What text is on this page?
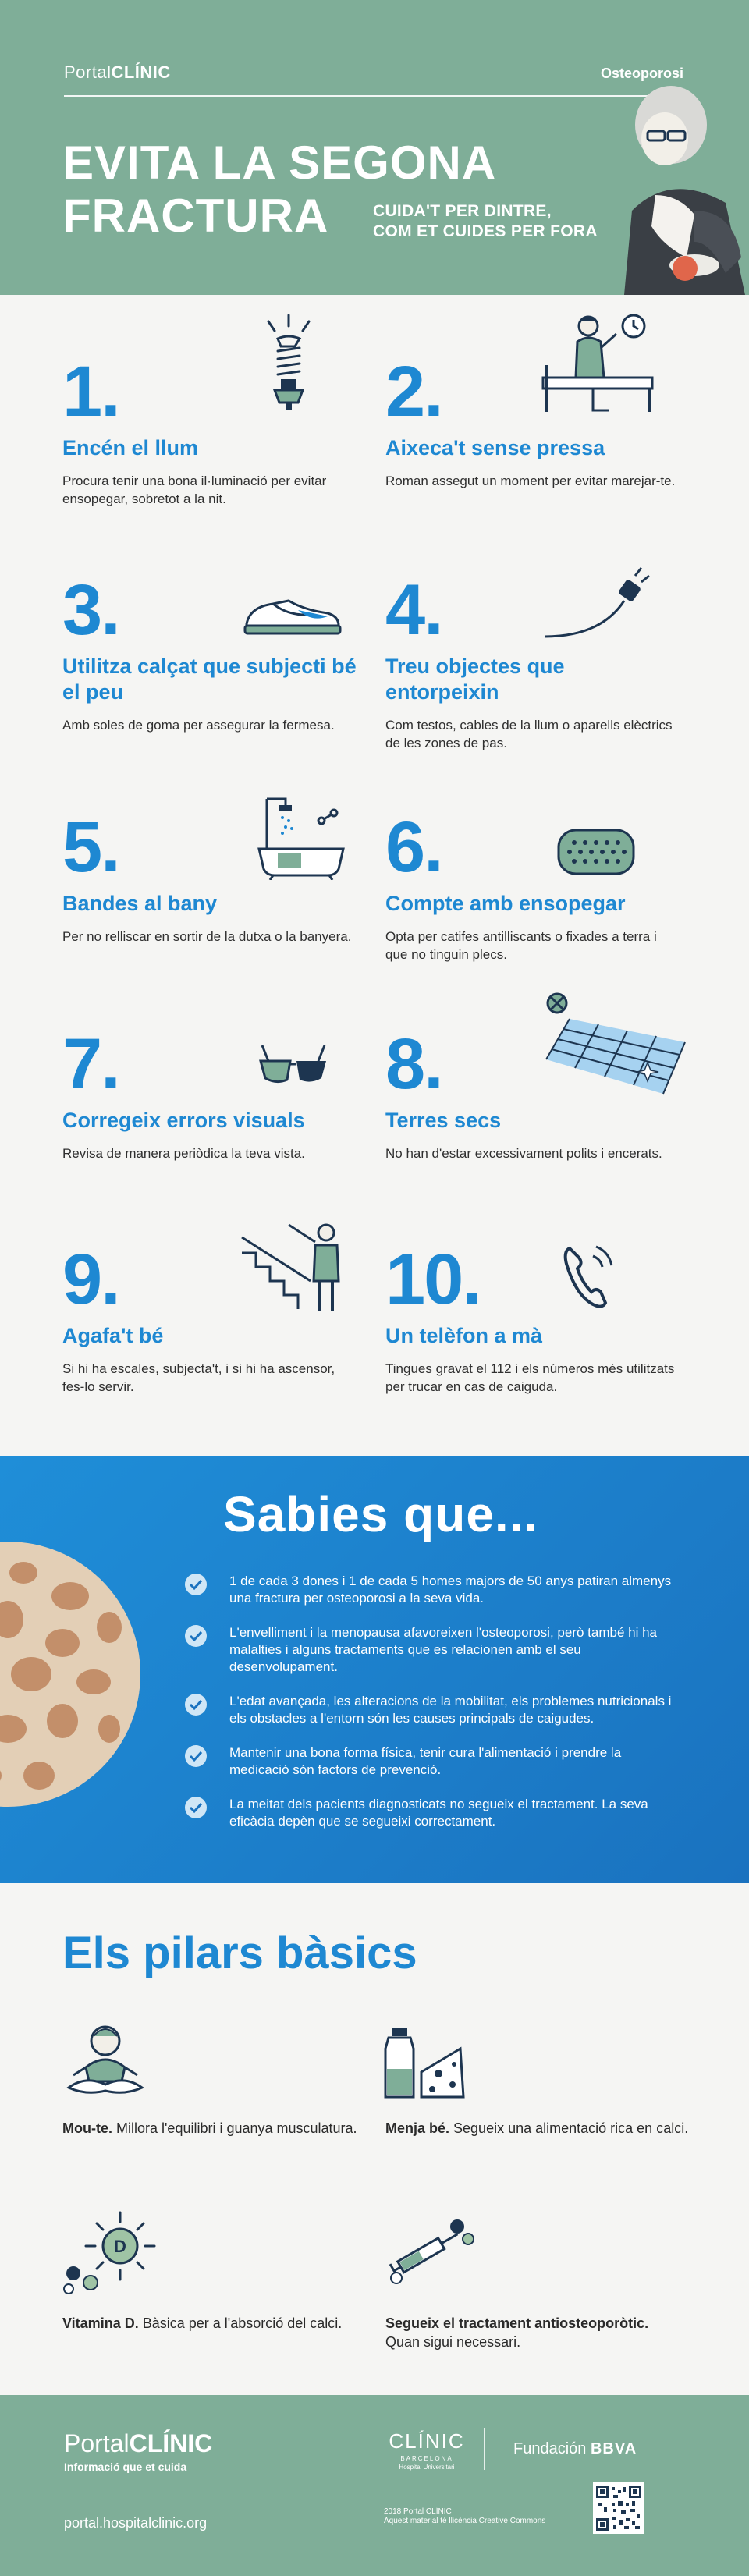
PortalCLÍNIC	Osteoporosi
EVITA LA SEGONA
FRACTURA	CUIDA'T PER DINTRE,
COM ET CUIDES PER FORA
1.
Encén el llum
Procura tenir una bona il·luminació per evitar ensopegar, sobretot a la nit.
2.
Aixeca't sense pressa
Roman assegut un moment per evitar marejar-te.
3.
Utilitza calçat que subjecti bé el peu
Amb soles de goma per assegurar la fermesa.
4.
Treu objectes que entorpeixin
Com testos, cables de la llum o aparells elèctrics de les zones de pas.
5.
Bandes al bany
Per no relliscar en sortir de la dutxa o la banyera.
6.
Compte amb ensopegar
Opta per catifes antilliscants o fixades a terra i que no tinguin plecs.
7.
Corregeix errors visuals
Revisa de manera periòdica la teva vista.
8.
Terres secs
No han d'estar excessivament polits i encerats.
9.
Agafa't bé
Si hi ha escales, subjecta't, i si hi ha ascensor, fes-lo servir.
10.
Un telèfon a mà
Tingues gravat el 112 i els números més utilitzats per trucar en cas de caiguda.
Sabies que...
1 de cada 3 dones i 1 de cada 5 homes majors de 50 anys patiran almenys una fractura per osteoporosi a la seva vida.
L'envelliment i la menopausa afavoreixen l'osteoporosi, però també hi ha malalties i alguns tractaments que es relacionen amb el seu desenvolupament.
L'edat avançada, les alteracions de la mobilitat, els problemes nutricionals i els obstacles a l'entorn són les causes principals de caigudes.
Mantenir una bona forma física, tenir cura l'alimentació i prendre la medicació són factors de prevenció.
La meitat dels pacients diagnosticats no segueix el tractament. La seva eficàcia depèn que se segueixi correctament.
Els pilars bàsics
Mou-te. Millora l'equilibri i guanya musculatura.	Menja bé. Segueix una alimentació rica en calci.
D
Vitamina D. Bàsica per a l'absorció del calci.	Segueix el tractament antiosteoporòtic.
Quan sigui necessari.
PortalCLÍNIC
Informació que et cuida
portal.hospitalclinic.org
CLÍNIC
BARCELONA
Hospital Universitari
Fundación BBVA
2018 Portal CLÍNIC
Aquest material té llicència Creative Commons
